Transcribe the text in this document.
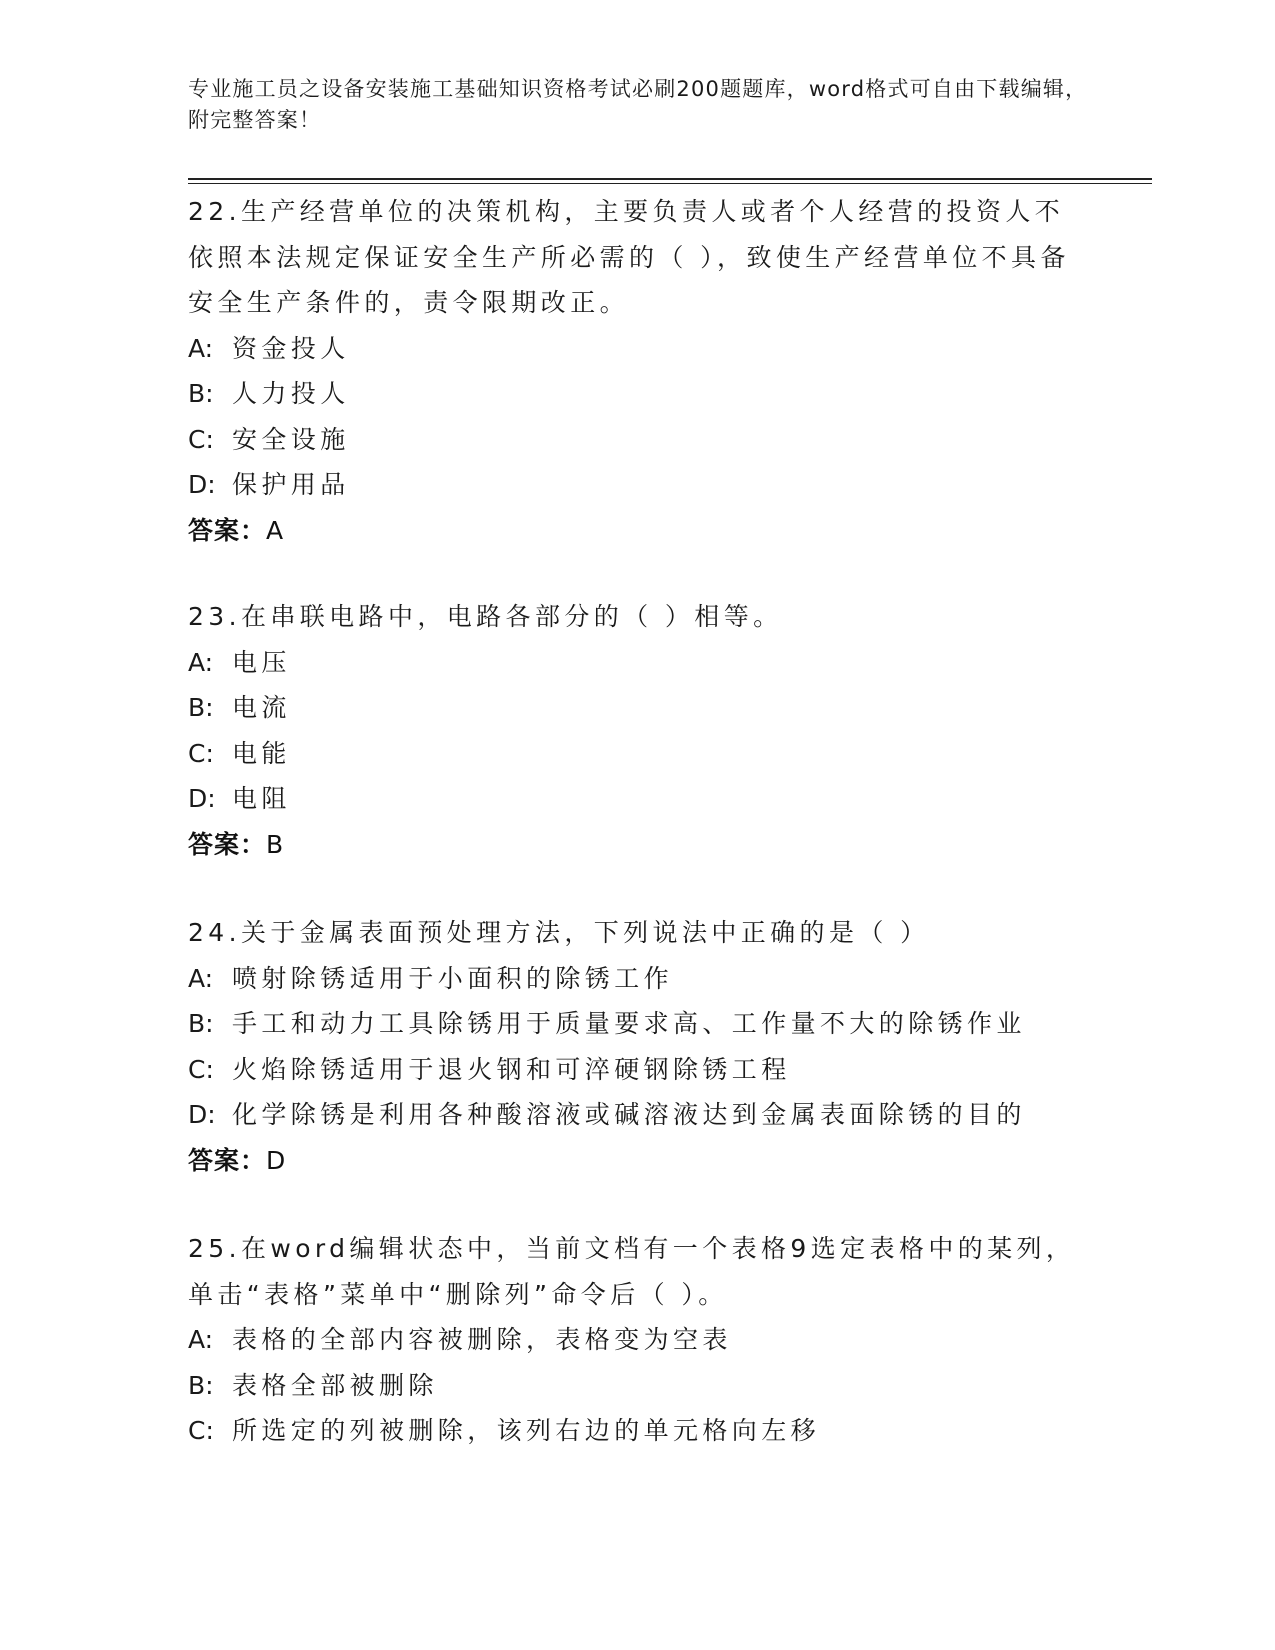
专业施工员之设备安装施工基础知识资格考试必刷200题题库，word格式可自由下载编辑，附完整答案！

22.生产经营单位的决策机构，主要负责人或者个人经营的投资人不依照本法规定保证安全生产所必需的（ ），致使生产经营单位不具备安全生产条件的，责令限期改正。

A: 资金投人

B: 人力投人

C: 安全设施

D: 保护用品

答案：A

23.在串联电路中，电路各部分的（ ）相等。

A: 电压

B: 电流

C: 电能

D: 电阻

答案：B

24.关于金属表面预处理方法，下列说法中正确的是（ ）

A: 喷射除锈适用于小面积的除锈工作

B: 手工和动力工具除锈用于质量要求高、工作量不大的除锈作业

C: 火焰除锈适用于退火钢和可淬硬钢除锈工程

D: 化学除锈是利用各种酸溶液或碱溶液达到金属表面除锈的目的

答案：D

25.在word编辑状态中，当前文档有一个表格9选定表格中的某列，单击“表格”菜单中“删除列”命令后（ ）。

A: 表格的全部内容被删除，表格变为空表

B: 表格全部被删除

C: 所选定的列被删除，该列右边的单元格向左移
